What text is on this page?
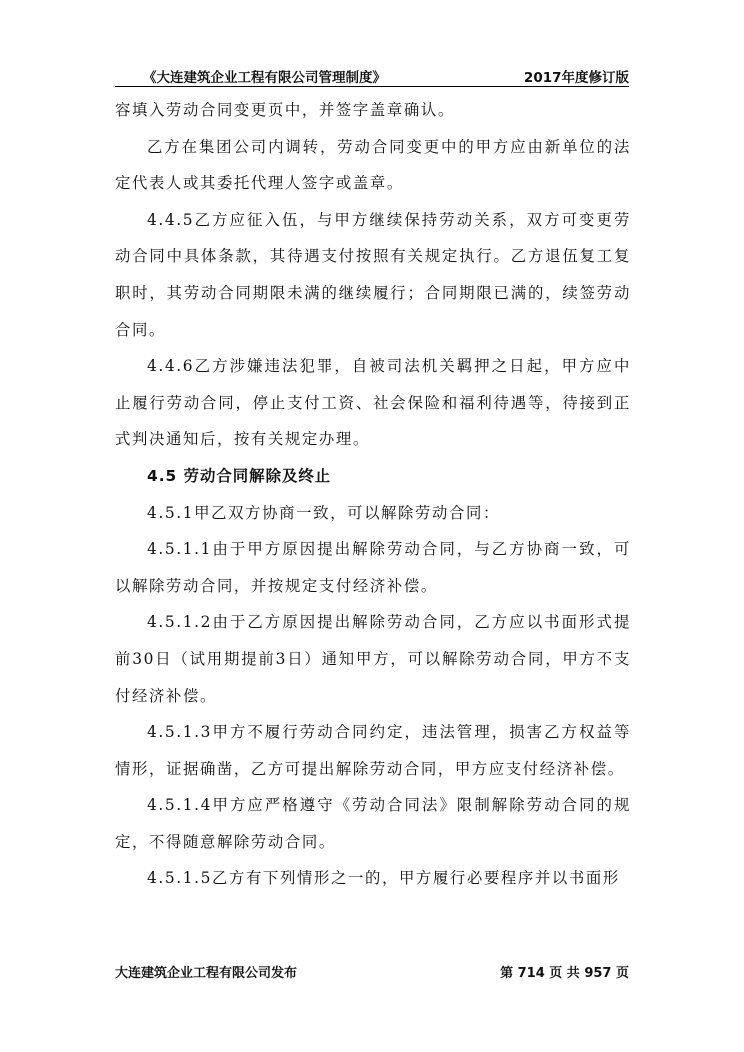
《大连建筑企业工程有限公司管理制度》	2017年度修订版

容填入劳动合同变更页中，并签字盖章确认。

乙方在集团公司内调转，劳动合同变更中的甲方应由新单位的法定代表人或其委托代理人签字或盖章。

4.4.5乙方应征入伍，与甲方继续保持劳动关系，双方可变更劳动合同中具体条款，其待遇支付按照有关规定执行。乙方退伍复工复职时，其劳动合同期限未满的继续履行；合同期限已满的，续签劳动合同。

4.4.6乙方涉嫌违法犯罪，自被司法机关羁押之日起，甲方应中止履行劳动合同，停止支付工资、社会保险和福利待遇等，待接到正式判决通知后，按有关规定办理。

4.5 劳动合同解除及终止

4.5.1甲乙双方协商一致，可以解除劳动合同：

4.5.1.1由于甲方原因提出解除劳动合同，与乙方协商一致，可以解除劳动合同，并按规定支付经济补偿。

4.5.1.2由于乙方原因提出解除劳动合同，乙方应以书面形式提前30日（试用期提前3日）通知甲方，可以解除劳动合同，甲方不支付经济补偿。

4.5.1.3甲方不履行劳动合同约定，违法管理，损害乙方权益等情形，证据确凿，乙方可提出解除劳动合同，甲方应支付经济补偿。

4.5.1.4甲方应严格遵守《劳动合同法》限制解除劳动合同的规定，不得随意解除劳动合同。

4.5.1.5乙方有下列情形之一的，甲方履行必要程序并以书面形

大连建筑企业工程有限公司发布	第 714 页 共 957 页
